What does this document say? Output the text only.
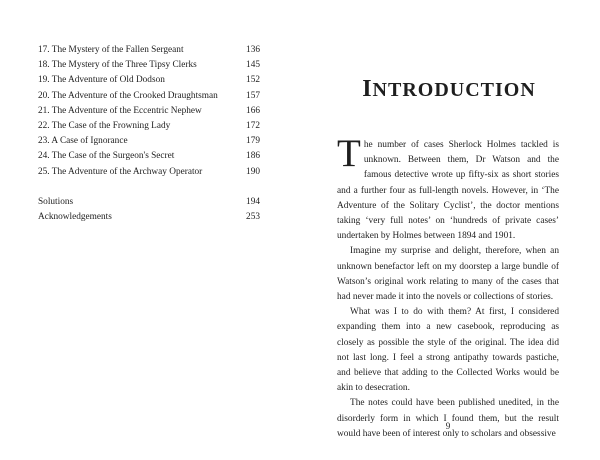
17. The Mystery of the Fallen Sergeant	136
18. The Mystery of the Three Tipsy Clerks	145
19. The Adventure of Old Dodson	152
20. The Adventure of the Crooked Draughtsman	157
21. The Adventure of the Eccentric Nephew	166
22. The Case of the Frowning Lady	172
23. A Case of Ignorance	179
24. The Case of the Surgeon's Secret	186
25. The Adventure of the Archway Operator	190
Solutions	194
Acknowledgements	253
INTRODUCTION

The number of cases Sherlock Holmes tackled is unknown. Between them, Dr Watson and the famous detective wrote up fifty-six as short stories and a further four as full-length novels. However, in ‘The Adventure of the Solitary Cyclist’, the doctor mentions taking ‘very full notes’ on ‘hundreds of private cases’ undertaken by Holmes between 1894 and 1901.

Imagine my surprise and delight, therefore, when an unknown benefactor left on my doorstep a large bundle of Watson’s original work relating to many of the cases that had never made it into the novels or collections of stories.

What was I to do with them? At first, I considered expanding them into a new casebook, reproducing as closely as possible the style of the original. The idea did not last long. I feel a strong antipathy towards pastiche, and believe that adding to the Collected Works would be akin to desecration.

The notes could have been published unedited, in the disorderly form in which I found them, but the result would have been of interest only to scholars and obsessive

9
